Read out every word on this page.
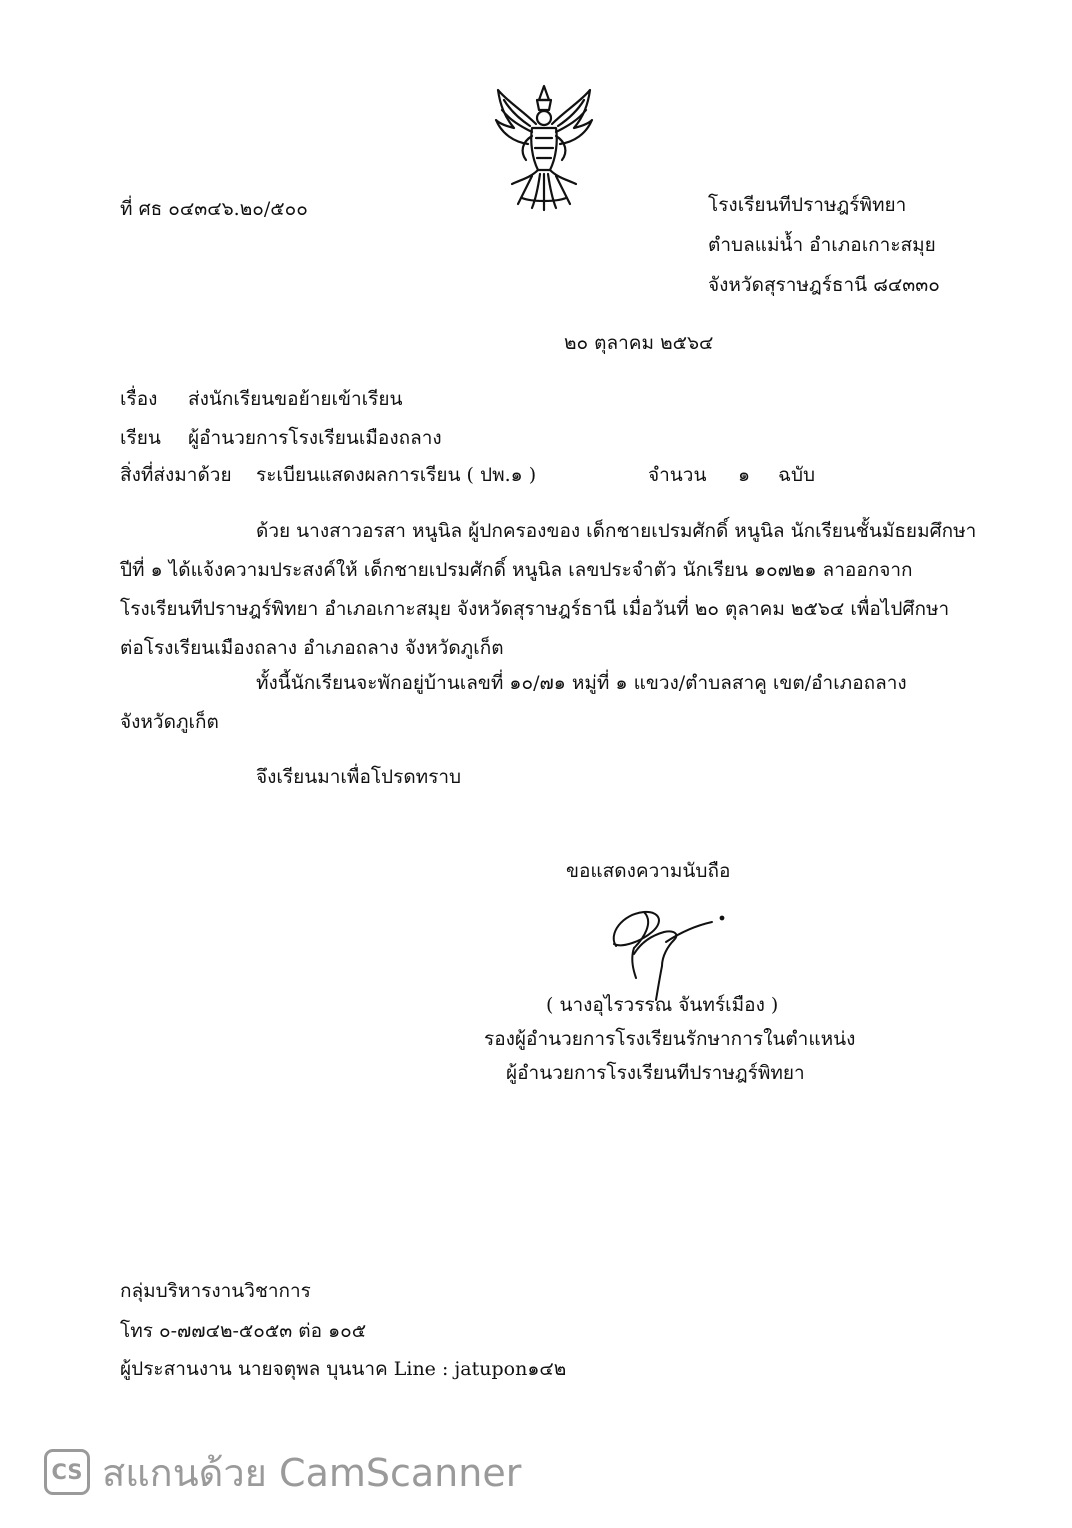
ที่ ศธ ๐๔๓๔๖.๒๐/๕๐๐	โรงเรียนทีปราษฎร์พิทยา
ตำบลแม่น้ำ อำเภอเกาะสมุย
จังหวัดสุราษฎร์ธานี ๘๔๓๓๐
๒๐ ตุลาคม ๒๕๖๔
เรื่อง ส่งนักเรียนขอย้ายเข้าเรียน
เรียน ผู้อำนวยการโรงเรียนเมืองถลาง
สิ่งที่ส่งมาด้วย ระเบียนแสดงผลการเรียน ( ปพ.๑ )	จำนวน ๑ ฉบับ
ด้วย นางสาวอรสา หนูนิล ผู้ปกครองของ เด็กชายเปรมศักดิ์ หนูนิล นักเรียนชั้นมัธยมศึกษา
ปีที่ ๑ ได้แจ้งความประสงค์ให้ เด็กชายเปรมศักดิ์ หนูนิล เลขประจำตัว นักเรียน ๑๐๗๒๑ ลาออกจาก
โรงเรียนทีปราษฎร์พิทยา อำเภอเกาะสมุย จังหวัดสุราษฎร์ธานี เมื่อวันที่ ๒๐ ตุลาคม ๒๕๖๔ เพื่อไปศึกษา
ต่อโรงเรียนเมืองถลาง อำเภอถลาง จังหวัดภูเก็ต
ทั้งนี้นักเรียนจะพักอยู่บ้านเลขที่ ๑๐/๗๑ หมู่ที่ ๑ แขวง/ตำบลสาคู เขต/อำเภอถลาง
จังหวัดภูเก็ต
จึงเรียนมาเพื่อโปรดทราบ
ขอแสดงความนับถือ
( นางอุไรวรรณ จันทร์เมือง )
รองผู้อำนวยการโรงเรียนรักษาการในตำแหน่ง
ผู้อำนวยการโรงเรียนทีปราษฎร์พิทยา
กลุ่มบริหารงานวิชาการ
โทร ๐-๗๗๔๒-๕๐๕๓ ต่อ ๑๐๕
ผู้ประสานงาน นายจตุพล บุนนาค Line : jatupon๑๔๒
CS สแกนด้วย CamScanner
